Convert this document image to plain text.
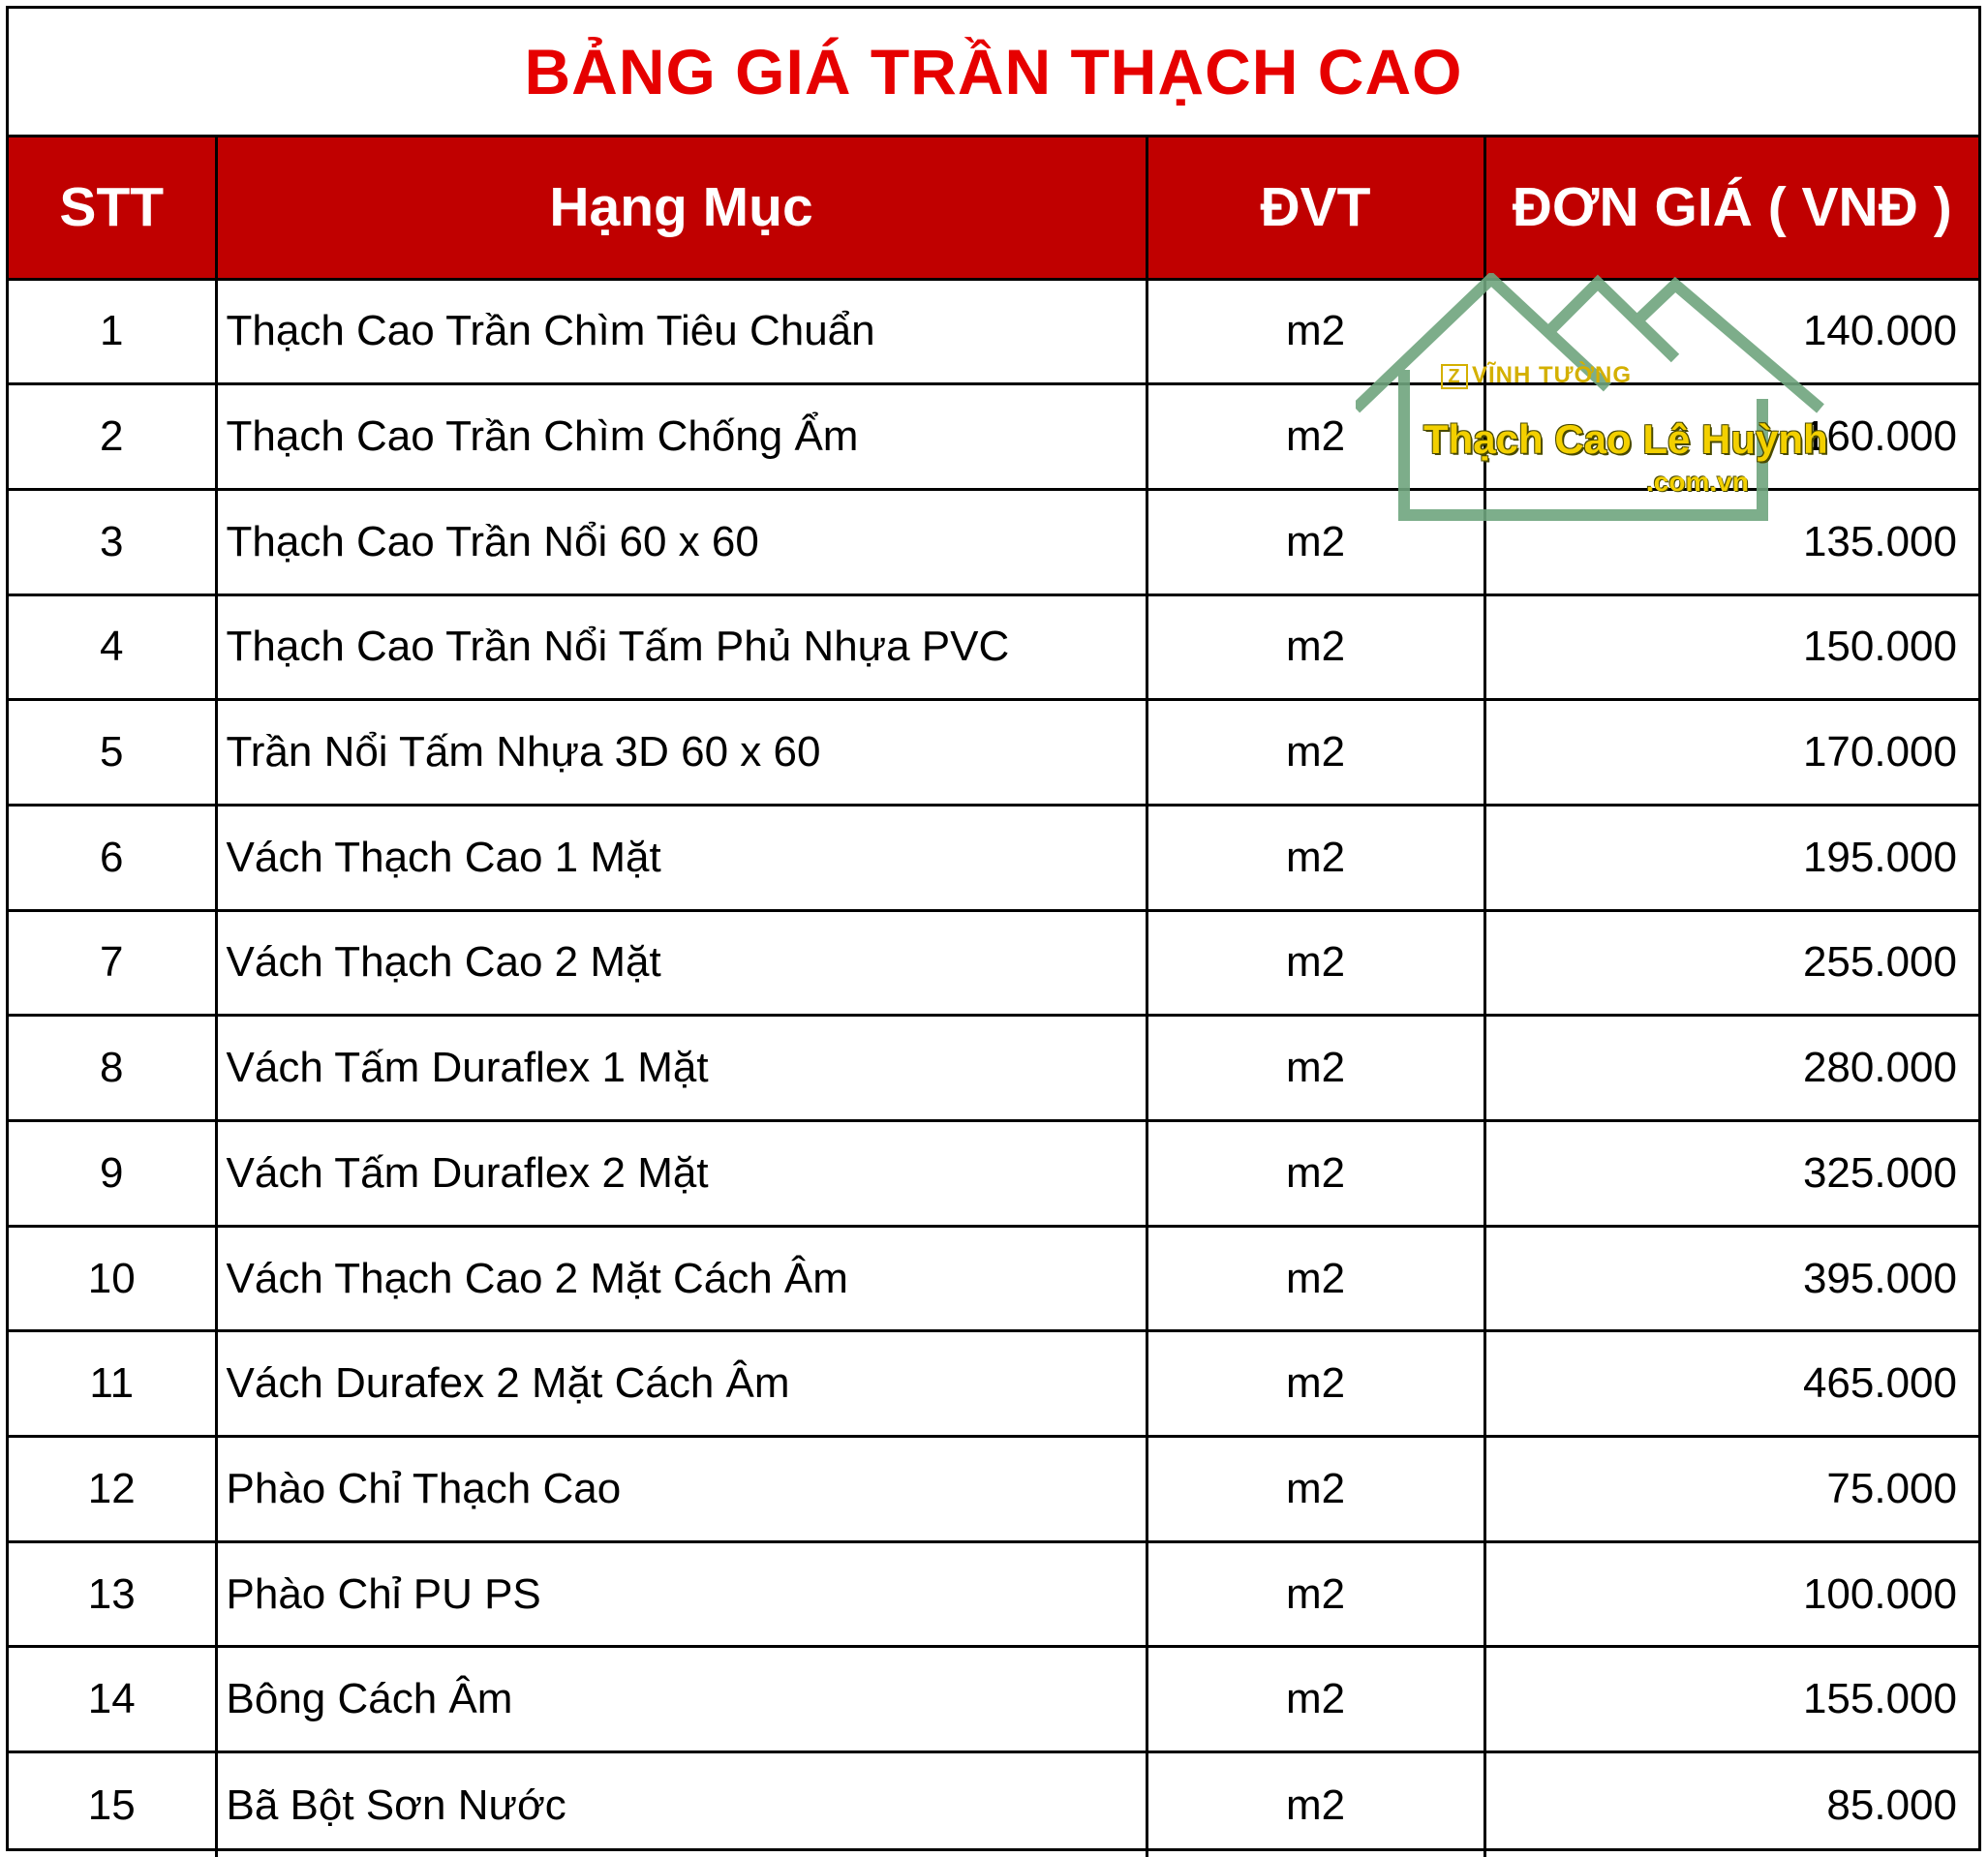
BẢNG GIÁ TRẦN THẠCH CAO
STT	Hạng Mục	ĐVT	ĐƠN GIÁ ( VNĐ )
1	Thạch Cao Trần Chìm Tiêu Chuẩn	m2	140.000
2	Thạch Cao Trần Chìm Chống Ẩm	m2	160.000
3	Thạch Cao Trần Nổi 60 x 60	m2	135.000
4	Thạch Cao Trần Nổi Tấm Phủ Nhựa PVC	m2	150.000
5	Trần Nổi Tấm Nhựa 3D 60 x 60	m2	170.000
6	Vách Thạch Cao 1 Mặt	m2	195.000
7	Vách Thạch Cao 2 Mặt	m2	255.000
8	Vách Tấm Duraflex 1 Mặt	m2	280.000
9	Vách Tấm Duraflex 2 Mặt	m2	325.000
10	Vách Thạch Cao 2 Mặt Cách Âm	m2	395.000
11	Vách Durafex 2 Mặt Cách Âm	m2	465.000
12	Phào Chỉ Thạch Cao	m2	75.000
13	Phào Chỉ PU PS	m2	100.000
14	Bông Cách Âm	m2	155.000
15	Bã Bột Sơn Nước	m2	85.000
Z VĨNH TƯỜNG
Thạch Cao Lê Huỳnh
.com.vn
